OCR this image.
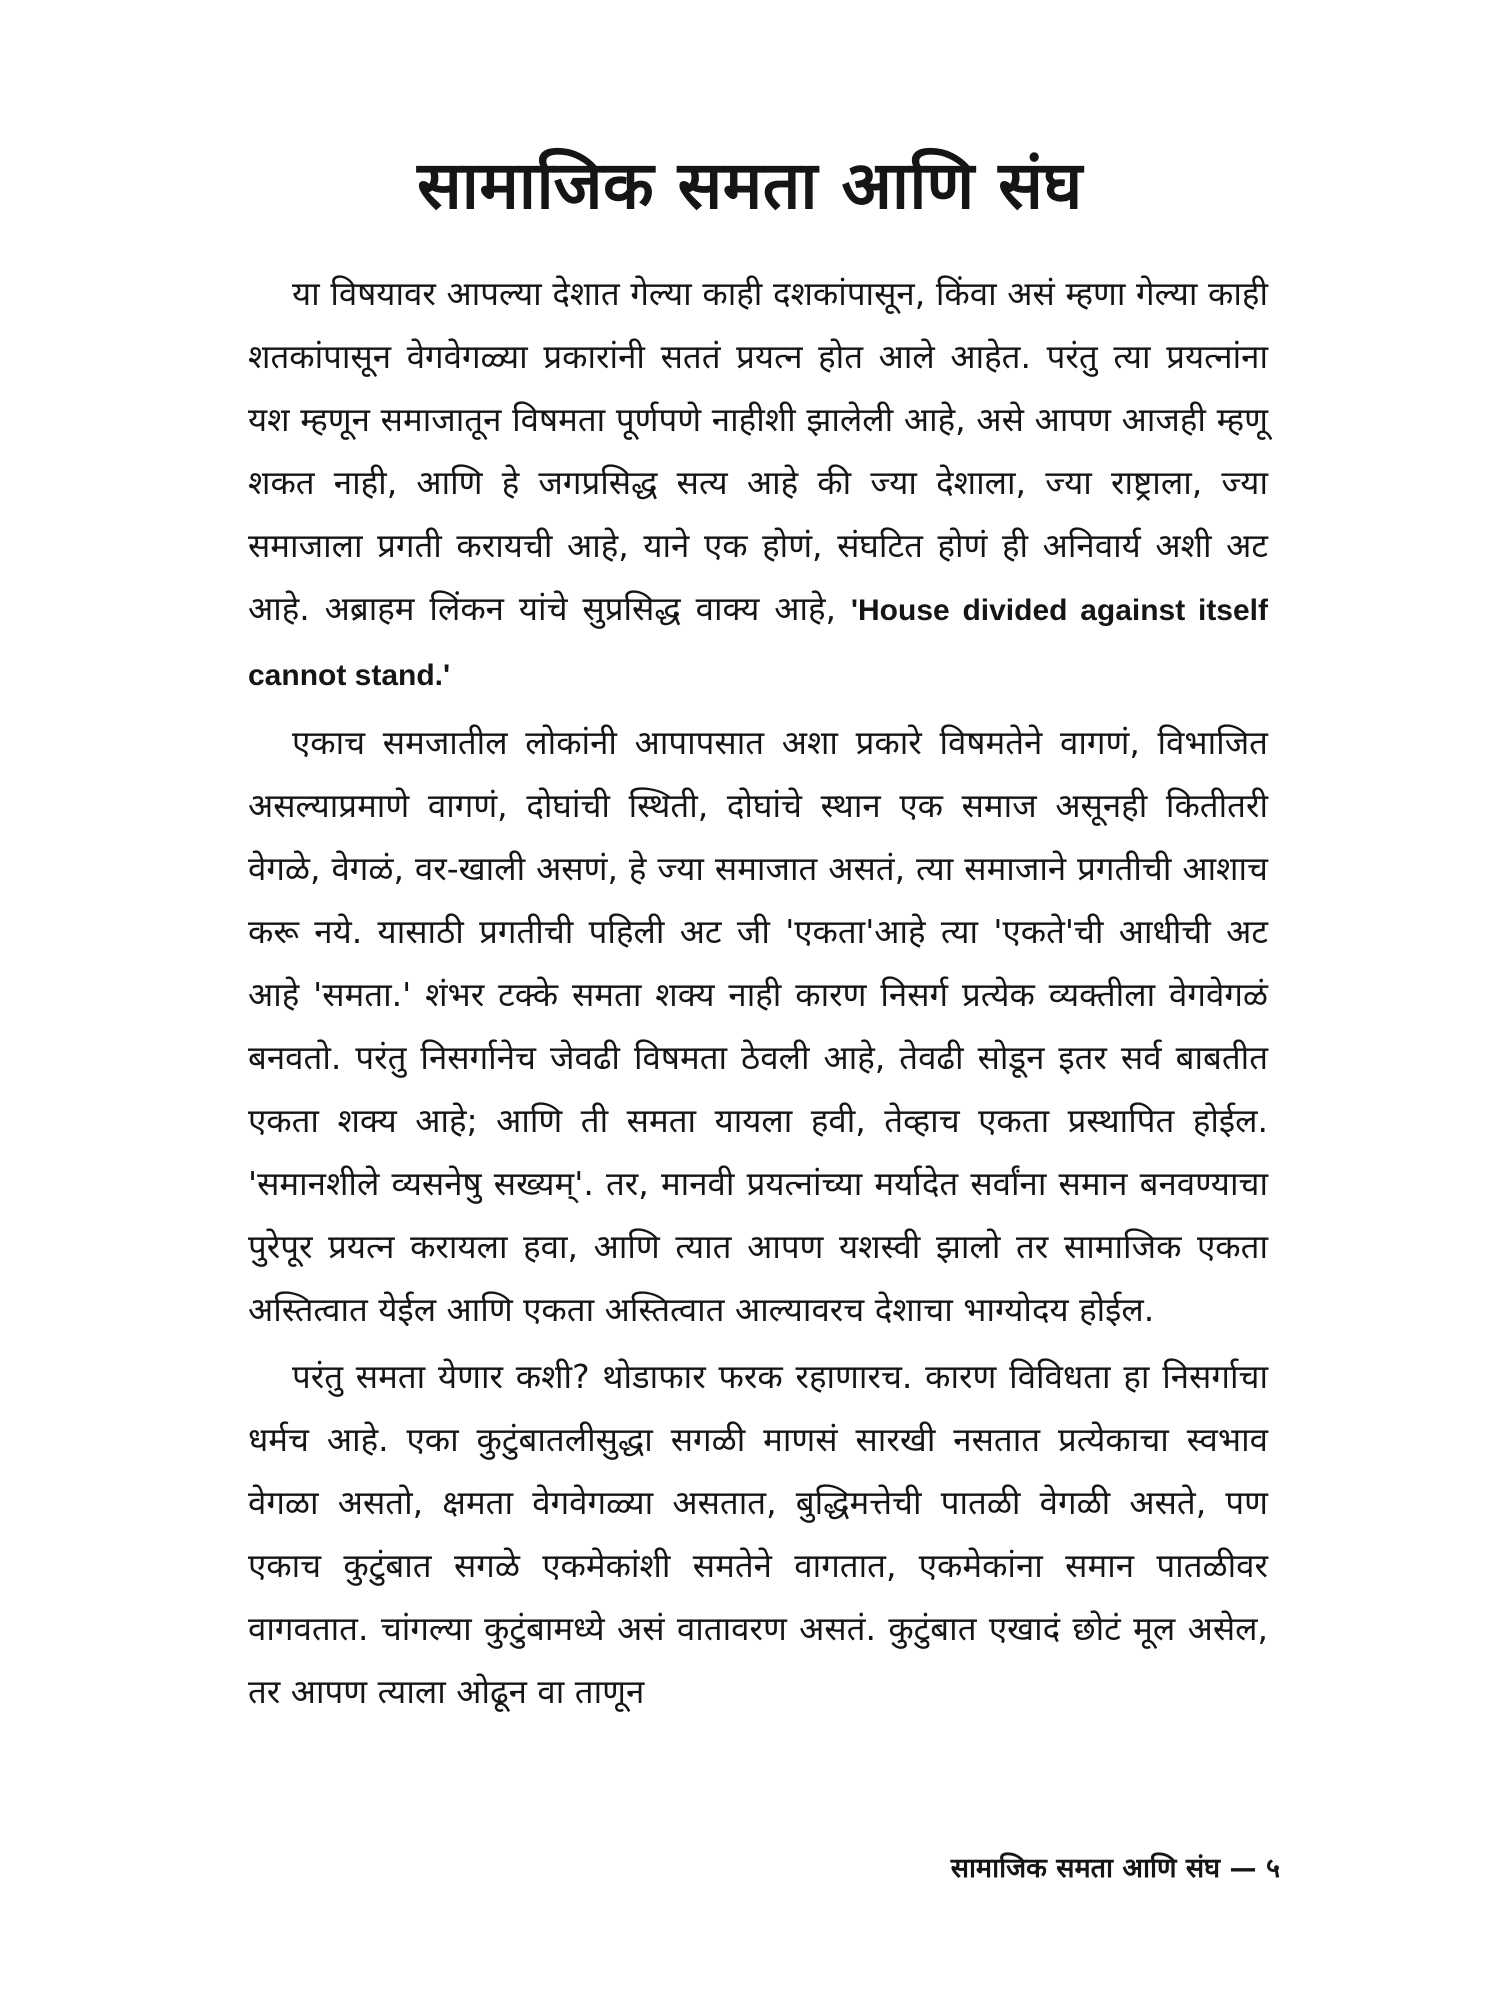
सामाजिक समता आणि संघ

या विषयावर आपल्या देशात गेल्या काही दशकांपासून, किंवा असं म्हणा गेल्या काही शतकांपासून वेगवेगळ्या प्रकारांनी सततं प्रयत्न होत आले आहेत. परंतु त्या प्रयत्नांना यश म्हणून समाजातून विषमता पूर्णपणे नाहीशी झालेली आहे, असे आपण आजही म्हणू शकत नाही, आणि हे जगप्रसिद्ध सत्य आहे की ज्या देशाला, ज्या राष्ट्राला, ज्या समाजाला प्रगती करायची आहे, याने एक होणं, संघटित होणं ही अनिवार्य अशी अट आहे. अब्राहम लिंकन यांचे सुप्रसिद्ध वाक्य आहे, 'House divided against itself cannot stand.'

एकाच समजातील लोकांनी आपापसात अशा प्रकारे विषमतेने वागणं, विभाजित असल्याप्रमाणे वागणं, दोघांची स्थिती, दोघांचे स्थान एक समाज असूनही कितीतरी वेगळे, वेगळं, वर-खाली असणं, हे ज्या समाजात असतं, त्या समाजाने प्रगतीची आशाच करू नये. यासाठी प्रगतीची पहिली अट जी 'एकता'आहे त्या 'एकते'ची आधीची अट आहे 'समता.' शंभर टक्के समता शक्य नाही कारण निसर्ग प्रत्येक व्यक्तीला वेगवेगळं बनवतो. परंतु निसर्गानेच जेवढी विषमता ठेवली आहे, तेवढी सोडून इतर सर्व बाबतीत एकता शक्य आहे; आणि ती समता यायला हवी, तेव्हाच एकता प्रस्थापित होईल. 'समानशीले व्यसनेषु सख्यम्'. तर, मानवी प्रयत्नांच्या मर्यादेत सर्वांना समान बनवण्याचा पुरेपूर प्रयत्न करायला हवा, आणि त्यात आपण यशस्वी झालो तर सामाजिक एकता अस्तित्वात येईल आणि एकता अस्तित्वात आल्यावरच देशाचा भाग्योदय होईल.

परंतु समता येणार कशी? थोडाफार फरक रहाणारच. कारण विविधता हा निसर्गाचा धर्मच आहे. एका कुटुंबातलीसुद्धा सगळी माणसं सारखी नसतात प्रत्येकाचा स्वभाव वेगळा असतो, क्षमता वेगवेगळ्या असतात, बुद्धिमत्तेची पातळी वेगळी असते, पण एकाच कुटुंबात सगळे एकमेकांशी समतेने वागतात, एकमेकांना समान पातळीवर वागवतात. चांगल्या कुटुंबामध्ये असं वातावरण असतं. कुटुंबात एखादं छोटं मूल असेल, तर आपण त्याला ओढून वा ताणून

सामाजिक समता आणि संघ — ५
